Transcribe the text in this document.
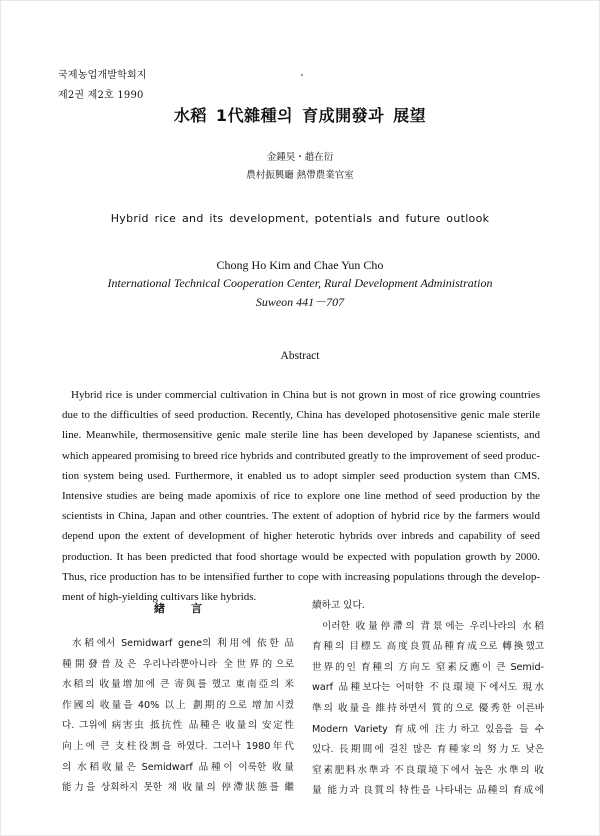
국제농업개발학회지
제2권 제2호 1990
水稻 1代雜種의 育成開發과 展望
金鍾昊・趙在衍
農村振興廳 熱帶農業官室
Hybrid rice and its development, potentials and future outlook
Chong Ho Kim and Chae Yun Cho
International Technical Cooperation Center, Rural Development Administration
Suweon 441－707
Abstract
Hybrid rice is under commercial cultivation in China but is not grown in most of rice growing countries
due to the difficulties of seed production. Recently, China has developed photosensitive genic male sterile
line. Meanwhile, thermosensitive genic male sterile line has been developed by Japanese scientists, and
which appeared promising to breed rice hybrids and contributed greatly to the improvement of seed produc-
tion system being used. Furthermore, it enabled us to adopt simpler seed production system than CMS.
Intensive studies are being made apomixis of rice to explore one line method of seed production by the
scientists in China, Japan and other countries. The extent of adoption of hybrid rice by the farmers would
depend upon the extent of development of higher heterotic hybrids over inbreds and capability of seed
production. It has been predicted that food shortage would be expected with population growth by 2000.
Thus, rice production has to be intensified further to cope with increasing populations through the develop-
ment of high-yielding cultivars like hybrids.
緖言
水稻에서 Semidwarf gene의 利用에 依한 品
種開發普及은 우리나라뿐아니라 全世界的으로
水稻의 收量增加에 큰 寄與를 했고 東南亞의 米
作國의 收量을 40% 以上 劃期的으로 增加시켰
다. 그위에 病害虫 抵抗性 品種은 收量의 安定性
向上에 큰 支柱役割을 하였다. 그러나 1980年代
의 水稻收量은 Semidwarf 品種이 이룩한 收量
能力을 상회하지 못한 채 收量의 停滯狀態를 繼
續하고 있다.
이러한 收量停滯의 背景에는 우리나라의 水稻
育種의 目標도 高度良質品種育成으로 轉換했고
世界的인 育種의 方向도 窒素反應이 큰 Semid-
warf 品種보다는 어떠한 不良環境下에서도 現水
準의 收量을 維持하면서 質的으로 優秀한 이른바
Modern Variety 育成에 注力하고 있음을 들 수
있다. 長期間에 걸친 많은 育種家의 努力도 낮은
窒素肥料水準과 不良環境下에서 높은 水準의 收
量 能力과 良質의 特性을 나타내는 品種의 育成에
